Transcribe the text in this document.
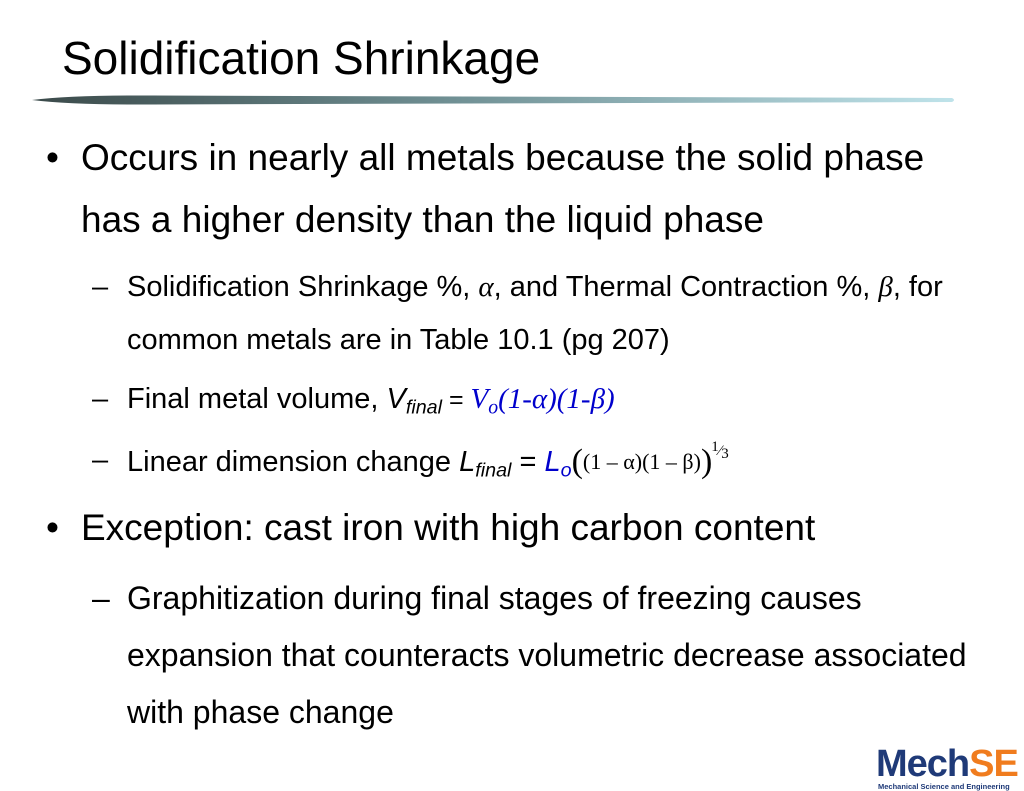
Solidification Shrinkage
• Occurs in nearly all metals because the solid phase has a higher density than the liquid phase
– Solidification Shrinkage %, α, and Thermal Contraction %, β, for common metals are in Table 10.1 (pg 207)
– Final metal volume, $V_{final} = V_o(1-\alpha)(1-\beta)$
– Linear dimension change $L_{final} = L_o((1 - \alpha)(1 - \beta))^{1⁄3}$
• Exception: cast iron with high carbon content
– Graphitization during final stages of freezing causes expansion that counteracts volumetric decrease associated with phase change
MechSE
Mechanical Science and Engineering
